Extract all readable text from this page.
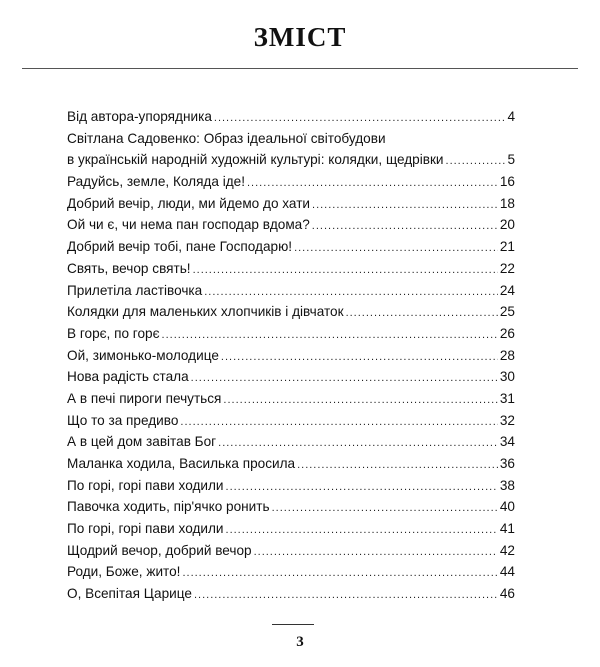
ЗМІСТ
Від автора-упорядника .....	4
Світлана Садовенко: Образ ідеальної світобудови
в українській народній художній культурі: колядки, щедрівки .....	5
Радуйсь, земле, Коляда іде! .....	16
Добрий вечір, люди, ми йдемо до хати .....	18
Ой чи є, чи нема пан господар вдома? .....	20
Добрий вечір тобі, пане Господарю! .....	21
Свять, вечор свять! .....	22
Прилетіла ластівочка .....	24
Колядки для маленьких хлопчиків і дівчаток .....	25
В горє, по горє .....	26
Ой, зимонько-молодице .....	28
Нова радість стала .....	30
А в печі пироги печуться .....	31
Що то за предиво .....	32
А в цей дом завітав Бог .....	34
Маланка ходила, Василька просила .....	36
По горі, горі пави ходили .....	38
Павочка ходить, пір'ячко ронить .....	40
По горі, горі пави ходили .....	41
Щодрий вечор, добрий вечор .....	42
Роди, Боже, жито! .....	44
О, Всепітая Царице .....	46
3
